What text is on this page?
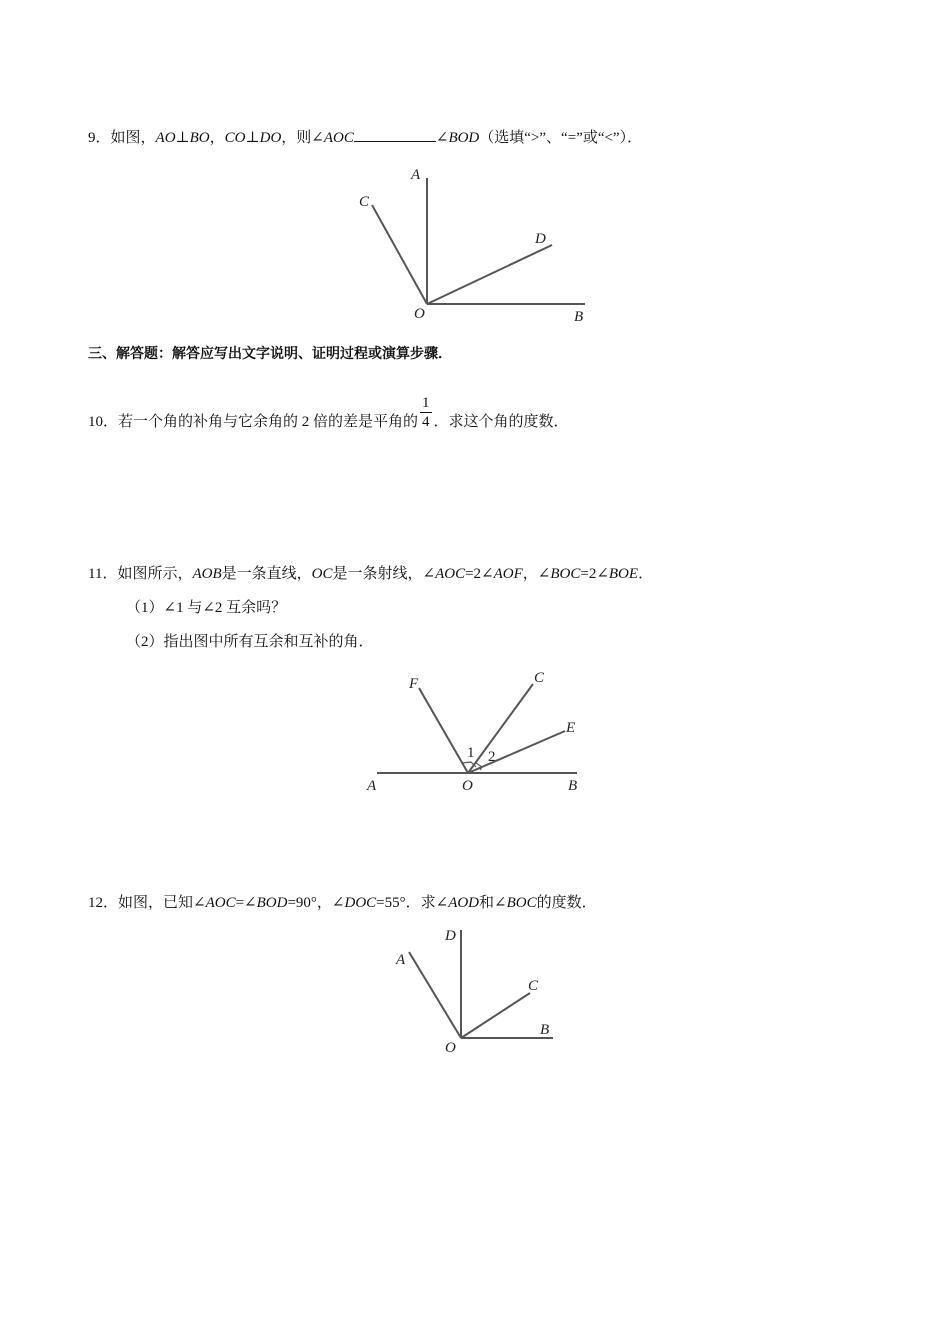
9．如图，AO⊥BO，CO⊥DO，则∠AOC	∠BOD（选填“>”、“=”或“<”）．
A
C
D
O	B
三、解答题：解答应写出文字说明、证明过程或演算步骤．
10．若一个角的补角与它余角的 2 倍的差是平角的 $\frac{1}{4}$ ．求这个角的度数．
11．如图所示，AOB是一条直线，OC是一条射线，∠AOC=2∠AOF，∠BOC=2∠BOE．
（1）∠1 与∠2 互余吗？
（2）指出图中所有互余和互补的角．
F	C
E
1 2
A	O	B
12．如图，已知∠AOC=∠BOD=90°，∠DOC=55°．求∠AOD和∠BOC的度数．
D
A
C
B
O
